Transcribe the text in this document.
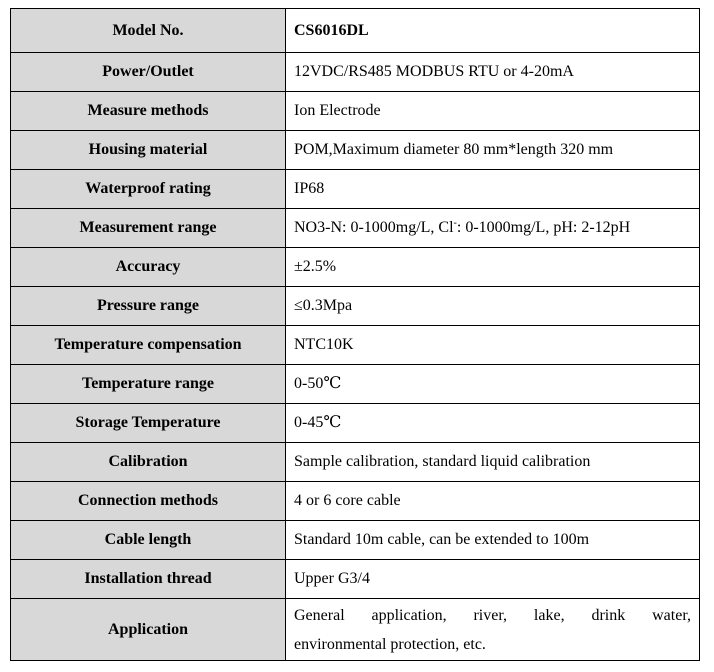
Model No.	CS6016DL
Power/Outlet	12VDC/RS485 MODBUS RTU or 4-20mA
Measure methods	Ion Electrode
Housing material	POM,Maximum diameter 80 mm*length 320 mm
Waterproof rating	IP68
Measurement range	NO3-N: 0-1000mg/L, Cl-: 0-1000mg/L, pH: 2-12pH
Accuracy	±2.5%
Pressure range	≤0.3Mpa
Temperature compensation	NTC10K
Temperature range	0-50℃
Storage Temperature	0-45℃
Calibration	Sample calibration, standard liquid calibration
Connection methods	4 or 6 core cable
Cable length	Standard 10m cable, can be extended to 100m
Installation thread	Upper G3/4
Application	General application, river, lake, drink water,
environmental protection, etc.
